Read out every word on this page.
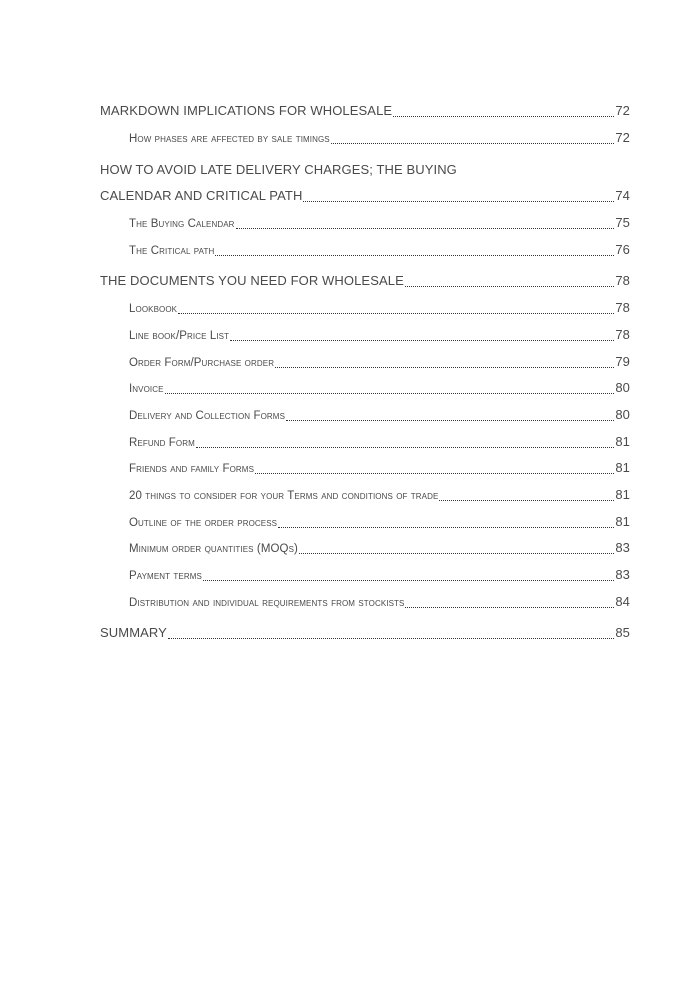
MARKDOWN IMPLICATIONS FOR WHOLESALE	72
How phases are affected by sale timings	72
HOW TO AVOID LATE DELIVERY CHARGES; THE BUYING
CALENDAR AND CRITICAL PATH	74
The Buying Calendar	75
The Critical path	76
THE DOCUMENTS YOU NEED FOR WHOLESALE	78
Lookbook	78
Line book/Price List	78
Order Form/Purchase order	79
Invoice	80
Delivery and Collection Forms	80
Refund Form	81
Friends and family Forms	81
20 things to consider for your Terms and conditions of trade	81
Outline of the order process	81
Minimum order quantities (MOQs)	83
Payment terms	83
Distribution and individual requirements from stockists	84
SUMMARY	85
